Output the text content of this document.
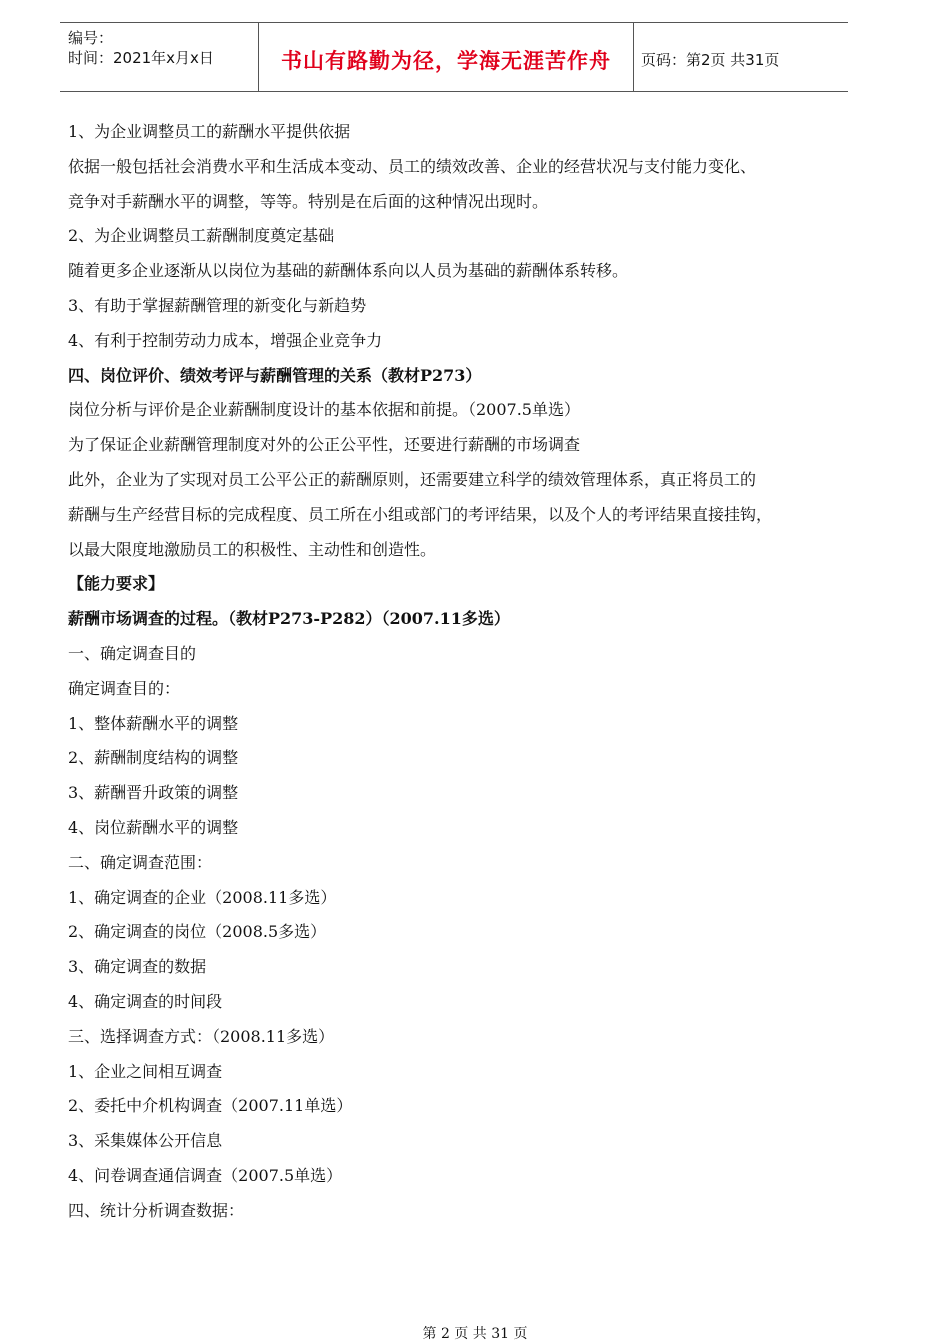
编号：
时间：2021年x月x日	书山有路勤为径，学海无涯苦作舟	页码：第2页 共31页
1、为企业调整员工的薪酬水平提供依据
依据一般包括社会消费水平和生活成本变动、员工的绩效改善、企业的经营状况与支付能力变化、
竞争对手薪酬水平的调整，等等。特别是在后面的这种情况出现时。
2、为企业调整员工薪酬制度奠定基础
随着更多企业逐渐从以岗位为基础的薪酬体系向以人员为基础的薪酬体系转移。
3、有助于掌握薪酬管理的新变化与新趋势
4、有利于控制劳动力成本，增强企业竞争力
四、岗位评价、绩效考评与薪酬管理的关系（教材P273）
岗位分析与评价是企业薪酬制度设计的基本依据和前提。（2007.5单选）
为了保证企业薪酬管理制度对外的公正公平性，还要进行薪酬的市场调查
此外，企业为了实现对员工公平公正的薪酬原则，还需要建立科学的绩效管理体系，真正将员工的
薪酬与生产经营目标的完成程度、员工所在小组或部门的考评结果，以及个人的考评结果直接挂钩，
以最大限度地激励员工的积极性、主动性和创造性。
【能力要求】
薪酬市场调查的过程。（教材P273-P282）（2007.11多选）
一、确定调查目的
确定调查目的：
1、整体薪酬水平的调整
2、薪酬制度结构的调整
3、薪酬晋升政策的调整
4、岗位薪酬水平的调整
二、确定调查范围：
1、确定调查的企业（2008.11多选）
2、确定调查的岗位（2008.5多选）
3、确定调查的数据
4、确定调查的时间段
三、选择调查方式：（2008.11多选）
1、企业之间相互调查
2、委托中介机构调查（2007.11单选）
3、采集媒体公开信息
4、问卷调查通信调查（2007.5单选）
四、统计分析调查数据：
第 2 页 共 31 页
